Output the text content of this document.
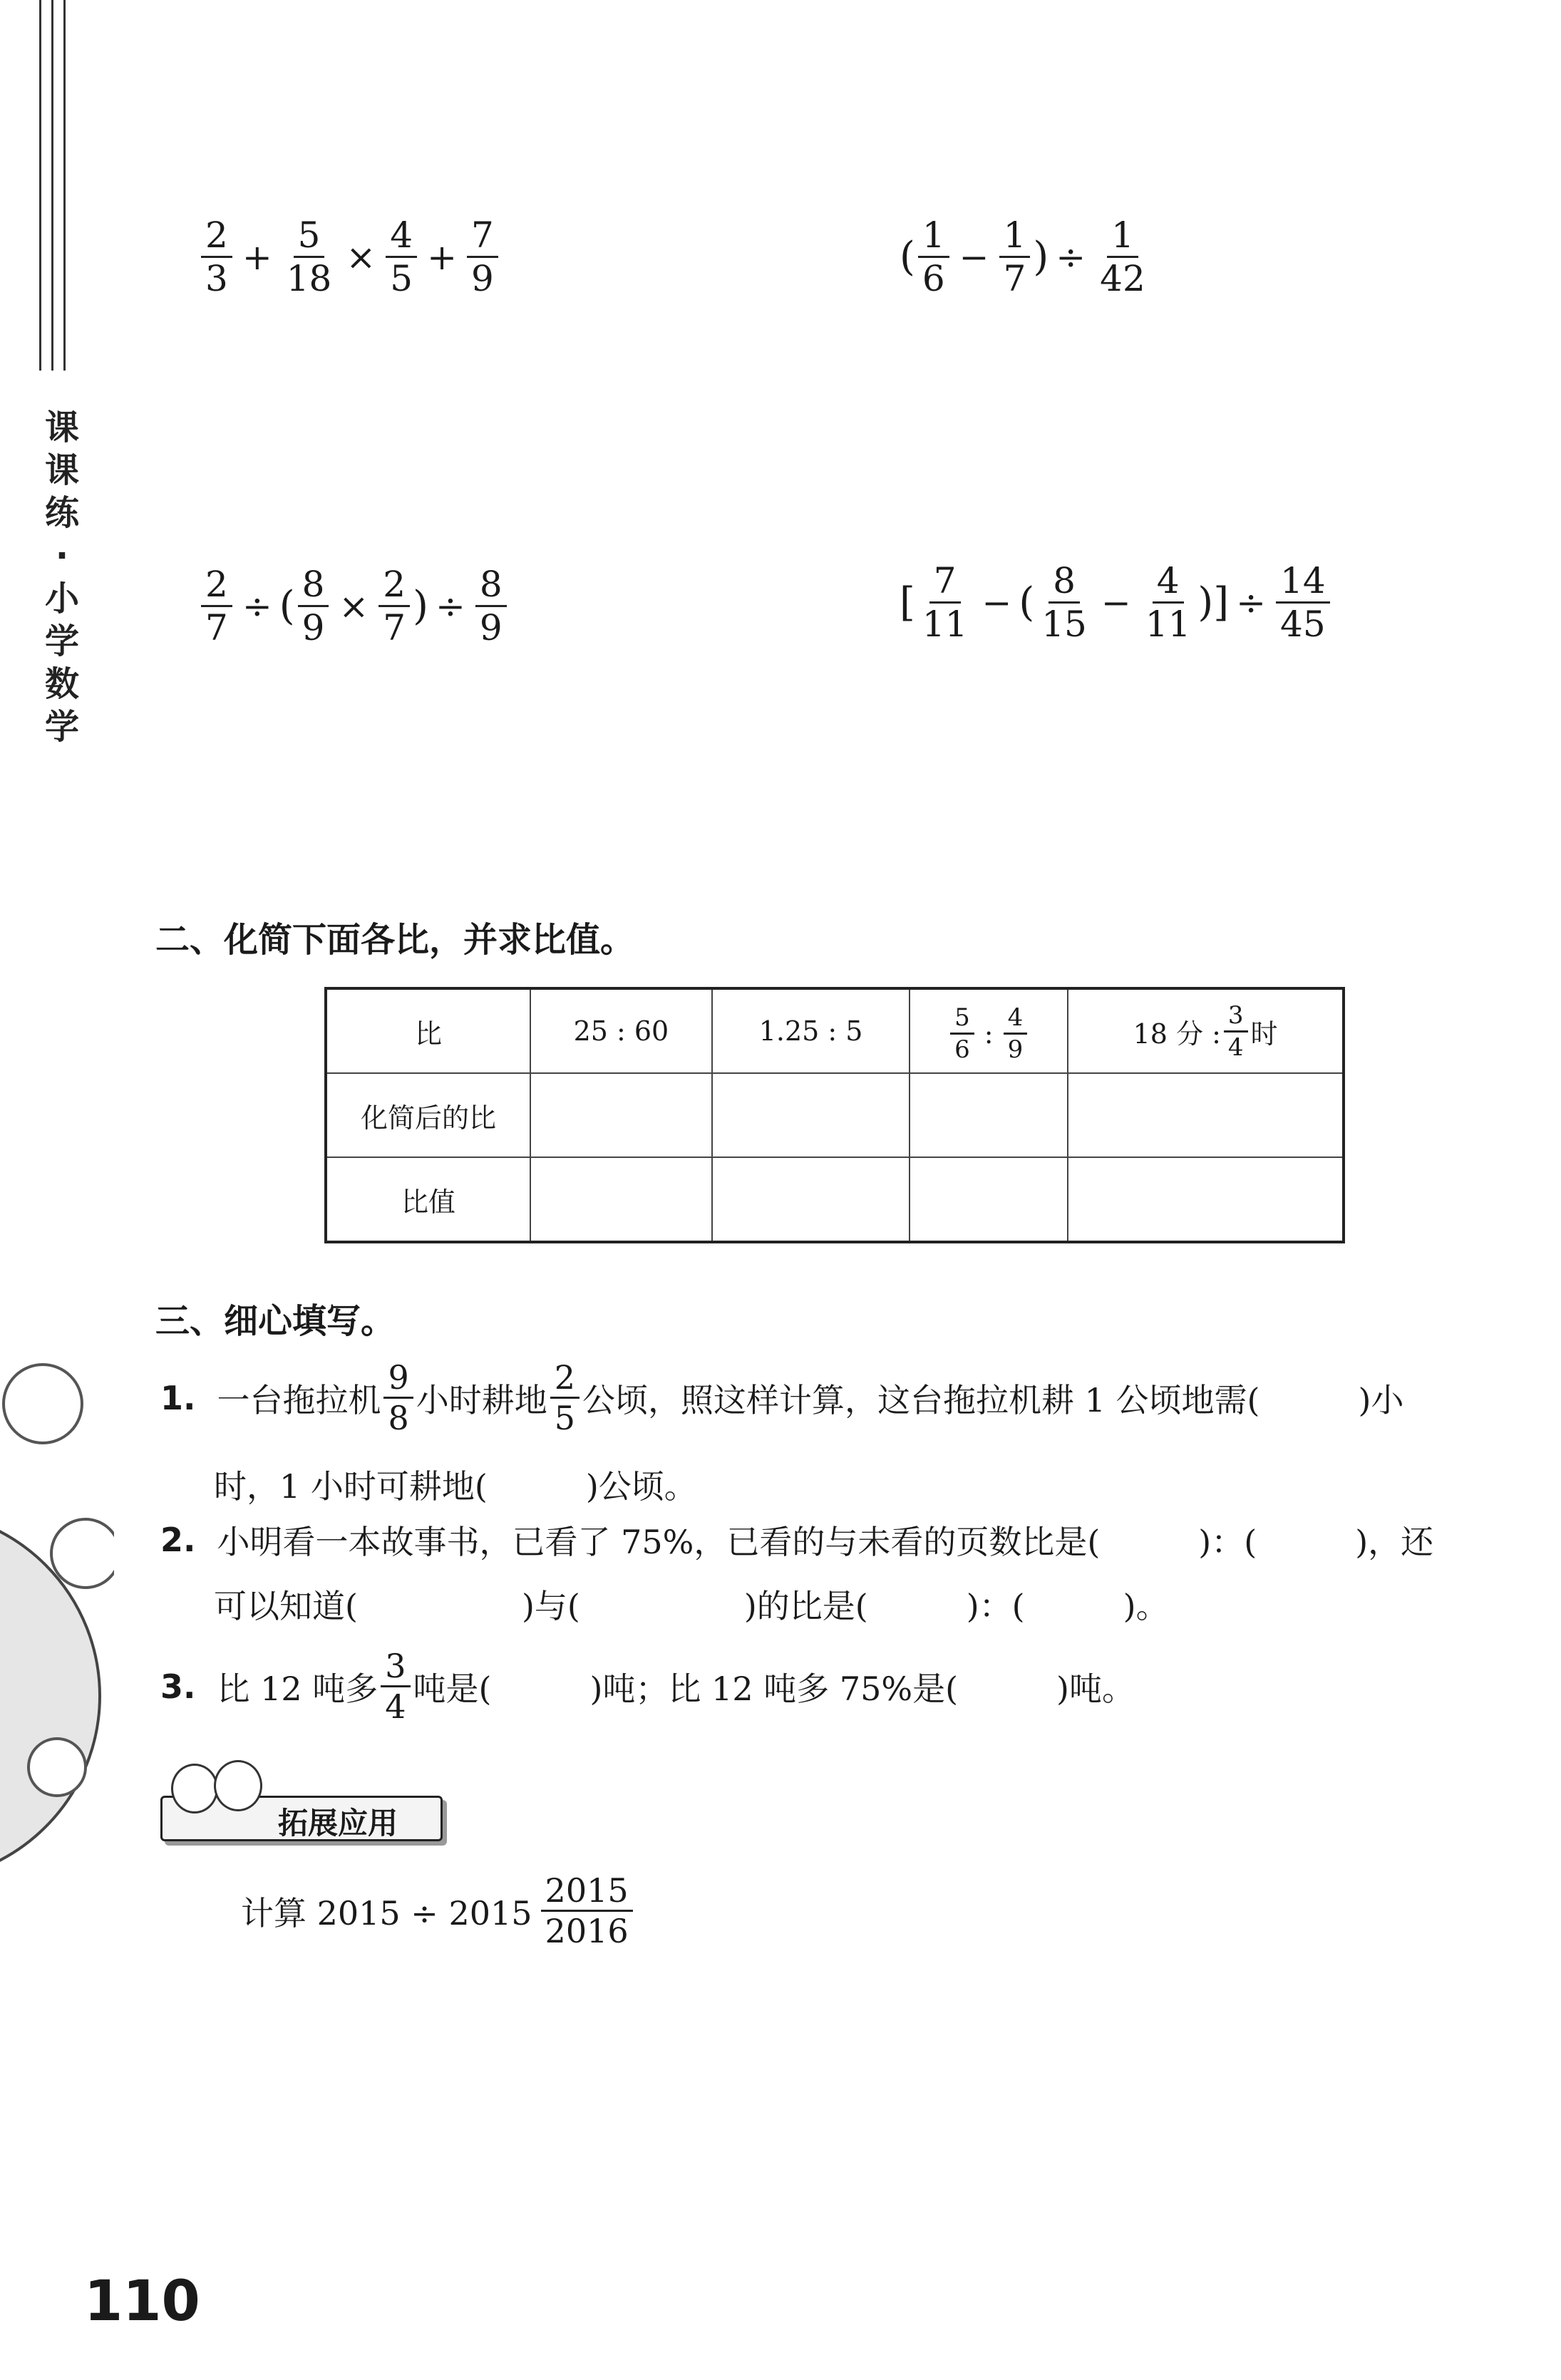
课
课
练
·
小
学
数
学
$\frac{2}{3} + \frac{5}{18} \times \frac{4}{5} + \frac{7}{9}$	( $\frac{1}{6} - \frac{1}{7}$ ) ÷ $\frac{1}{42}$
$\frac{2}{7}$ ÷ ( $\frac{8}{9} \times \frac{2}{7}$ ) ÷ $\frac{8}{9}$	[ $\frac{7}{11}$ − ( $\frac{8}{15} - \frac{4}{11}$ ) ] ÷ $\frac{14}{45}$
二、化简下面各比，并求比值。
比	25 : 60	1.25 : 5	$\frac{5}{6}$ : $\frac{4}{9}$	18 分 : $\frac{3}{4}$ 时

化简后的比				
比值				
三、细心填写。
1. 一台拖拉机 $\frac{9}{8}$ 小时耕地 $\frac{2}{5}$ 公顷，照这样计算，这台拖拉机耕 1 公顷地需(　　　)小
时，1 小时可耕地(　　　)公顷。
2. 小明看一本故事书，已看了 75%，已看的与未看的页数比是(　　　)：(　　　)，还
可以知道(　　　　　)与(　　　　　)的比是(　　　)：(　　　)。
3. 比 12 吨多 $\frac{3}{4}$ 吨是(　　　)吨；比 12 吨多 75%是(　　　)吨。
拓展应用
计算 $2015 \div 2015 \frac{2015}{2016}$
110
